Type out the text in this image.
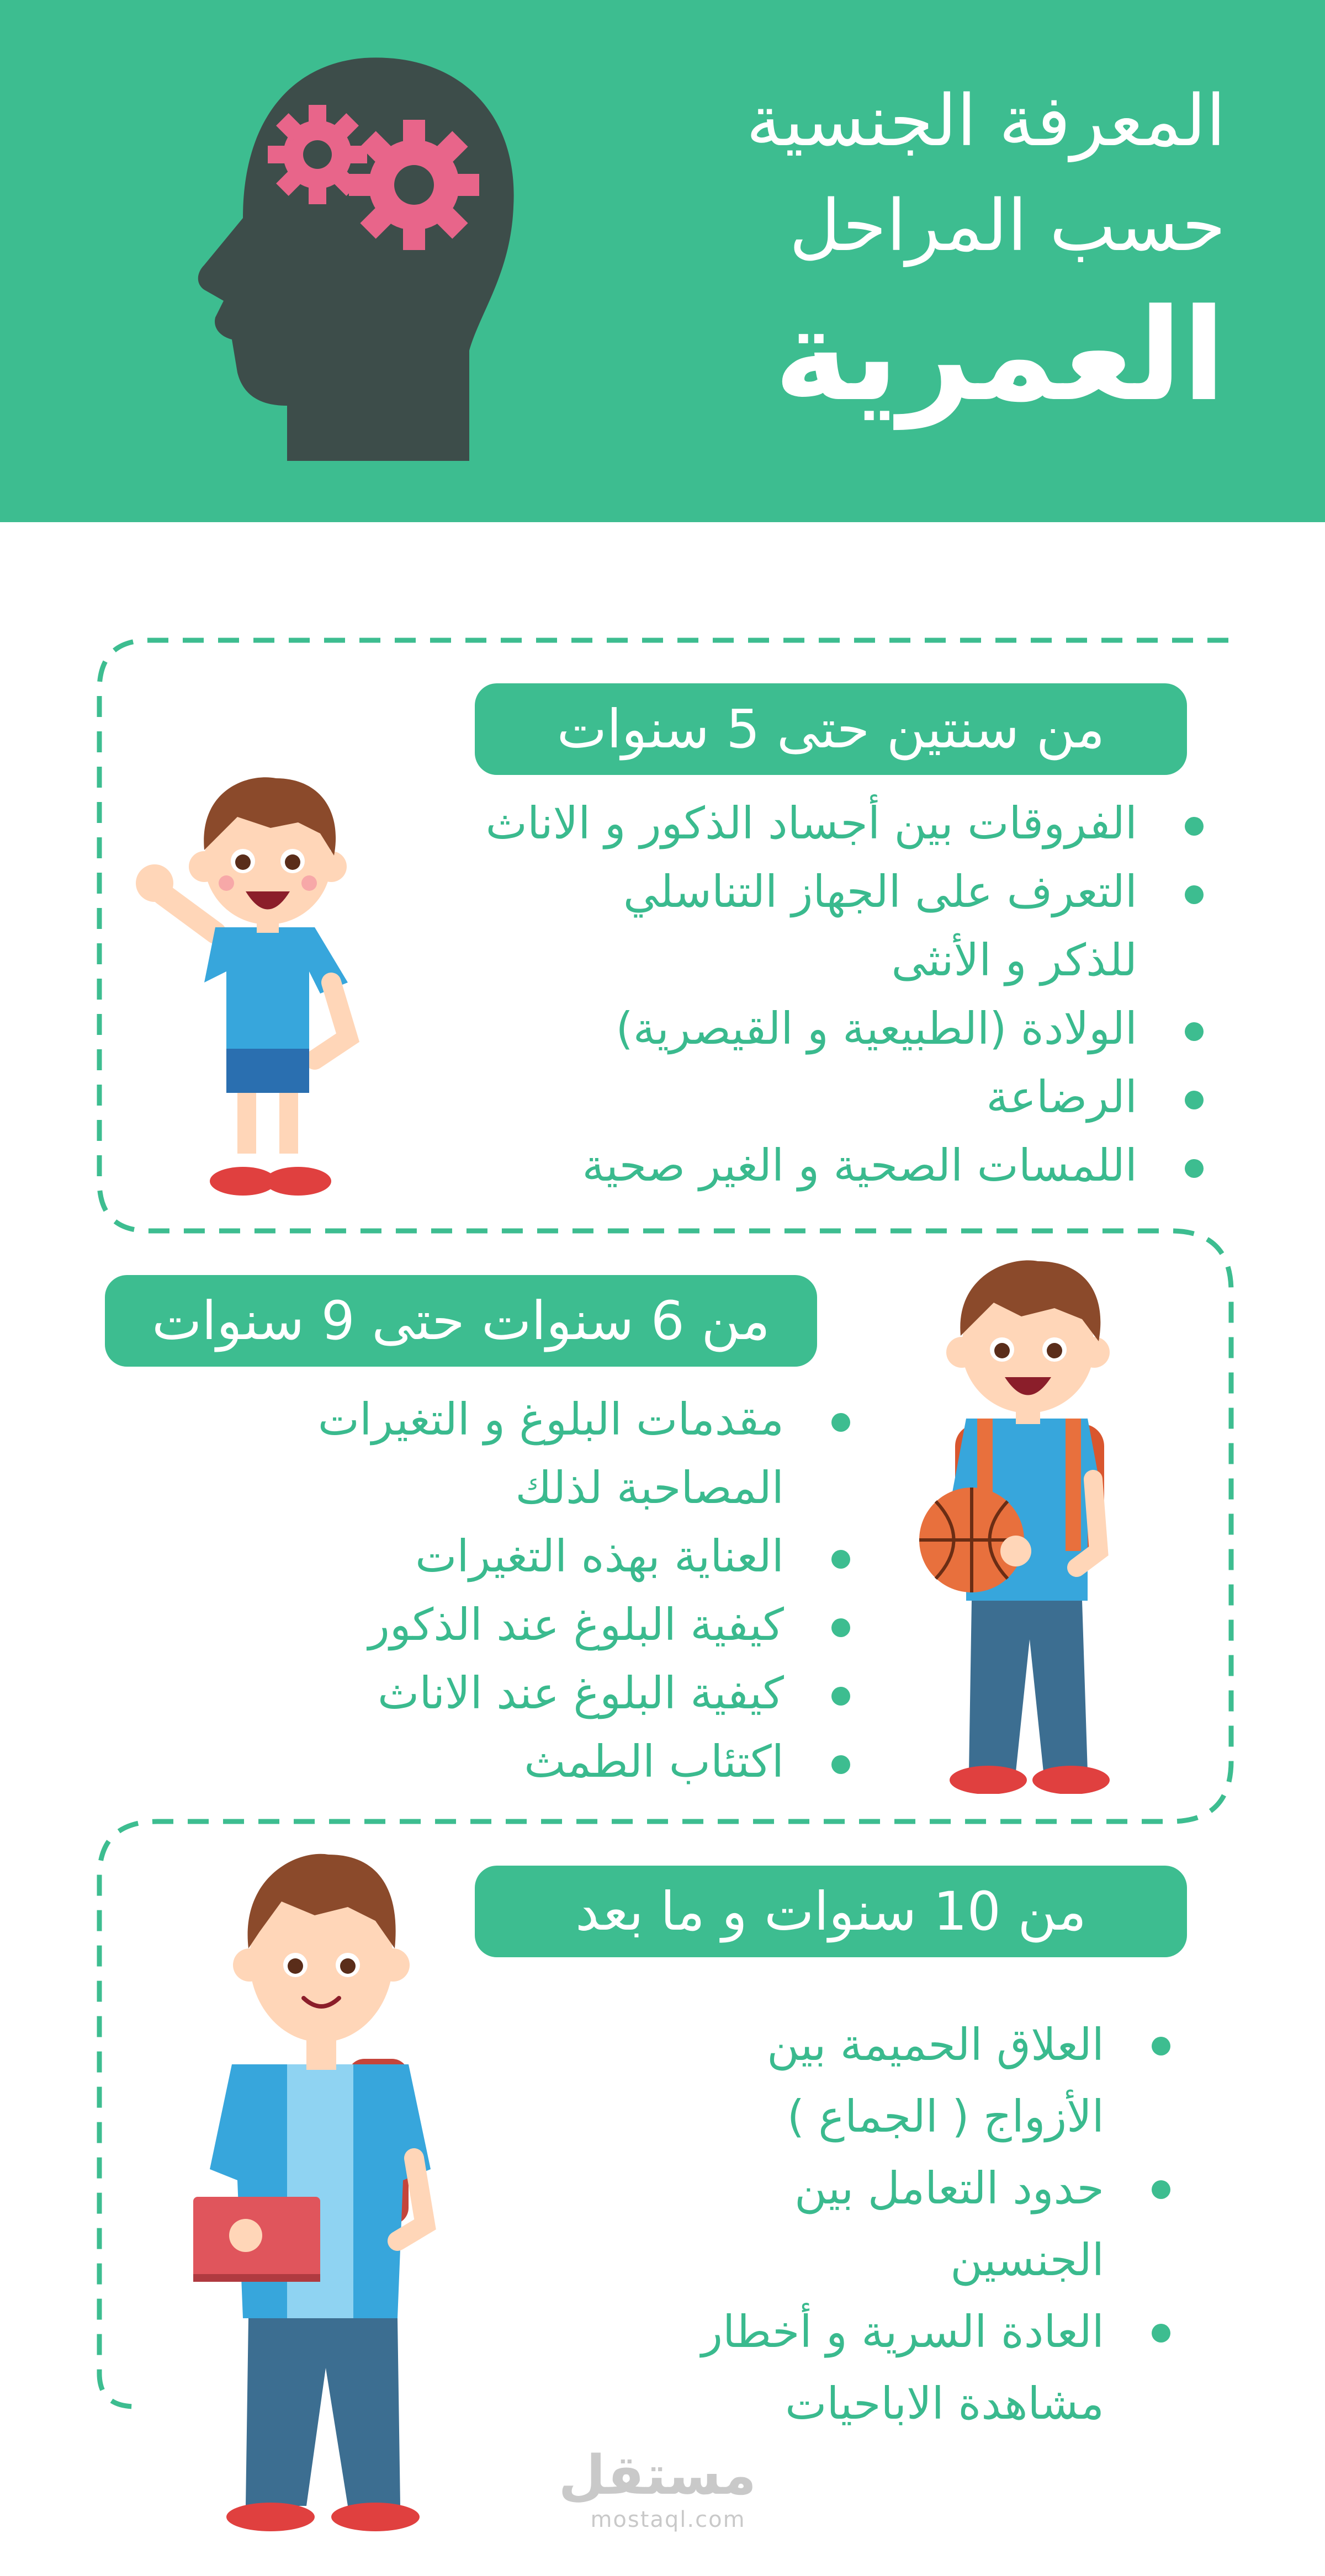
المعرفة الجنسية
حسب المراحل
العمرية
من سنتين حتى 5 سنوات
الفروقات بين أجساد الذكور و الاناث
التعرف على الجهاز التناسلي
للذكر و الأنثى
الولادة (الطبيعية و القيصرية)
الرضاعة
اللمسات الصحية و الغير صحية
من 6 سنوات حتى 9 سنوات
مقدمات البلوغ و التغيرات
المصاحبة لذلك
العناية بهذه التغيرات
كيفية البلوغ عند الذكور
كيفية البلوغ عند الاناث
اكتئاب الطمث
من 10 سنوات و ما بعد
العلاق الحميمة بين
الأزواج ( الجماع )
حدود التعامل بين
الجنسين
العادة السرية و أخطار
مشاهدة الاباحيات
مستقل
mostaql.com
